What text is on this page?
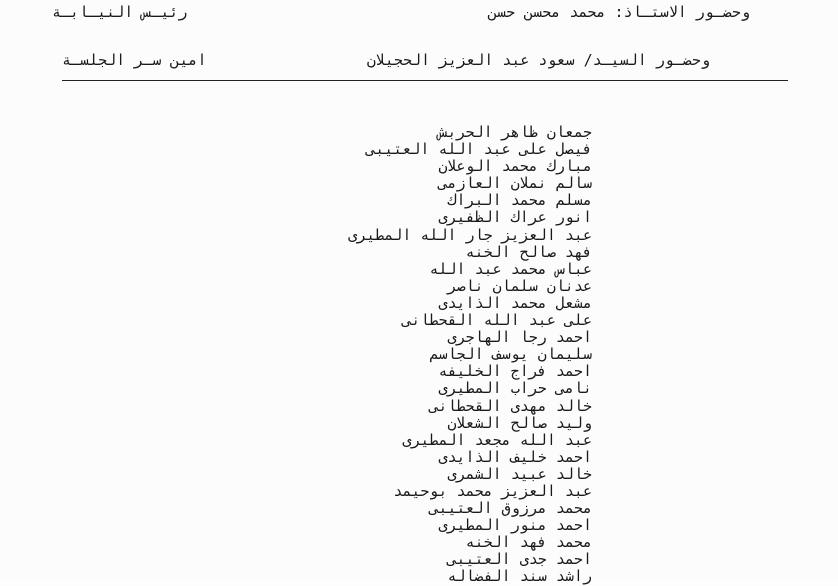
وحضـور الاستـاذ: محمد محسن حسن
رئيـس النيـابـة
وحضـور السيـد/ سعود عبد العزيز الحجيلان
امين سـر الجلسـة
جمعان ظاهر الحربش
فيصل على عبد الله العتيبى
مبارك محمد الوعلان
سالم نملان العازمى
مسلم محمد البراك
انور عراك الظفيرى
عبد العزيز جار الله المطيرى
فهد صالح الخنه
عباس محمد عبد الله
عدنان سلمان ناصر
مشعل محمد الذايدى
على عبد الله القحطانى
احمد رجا الهاجرى
سليمان يوسف الجاسم
احمد فراج الخليفه
نامى حراب المطيرى
خالد مهدى القحطانى
وليد صالح الشعلان
عبد الله مجعد المطيرى
احمد خليف الذايدى
خالد عبيد الشمرى
عبد العزيز محمد بوحيمد
محمد مرزوق العتيبى
احمد منور المطيرى
محمد فهد الخنه
احمد جدى العتيبى
راشد سند الفضاله
